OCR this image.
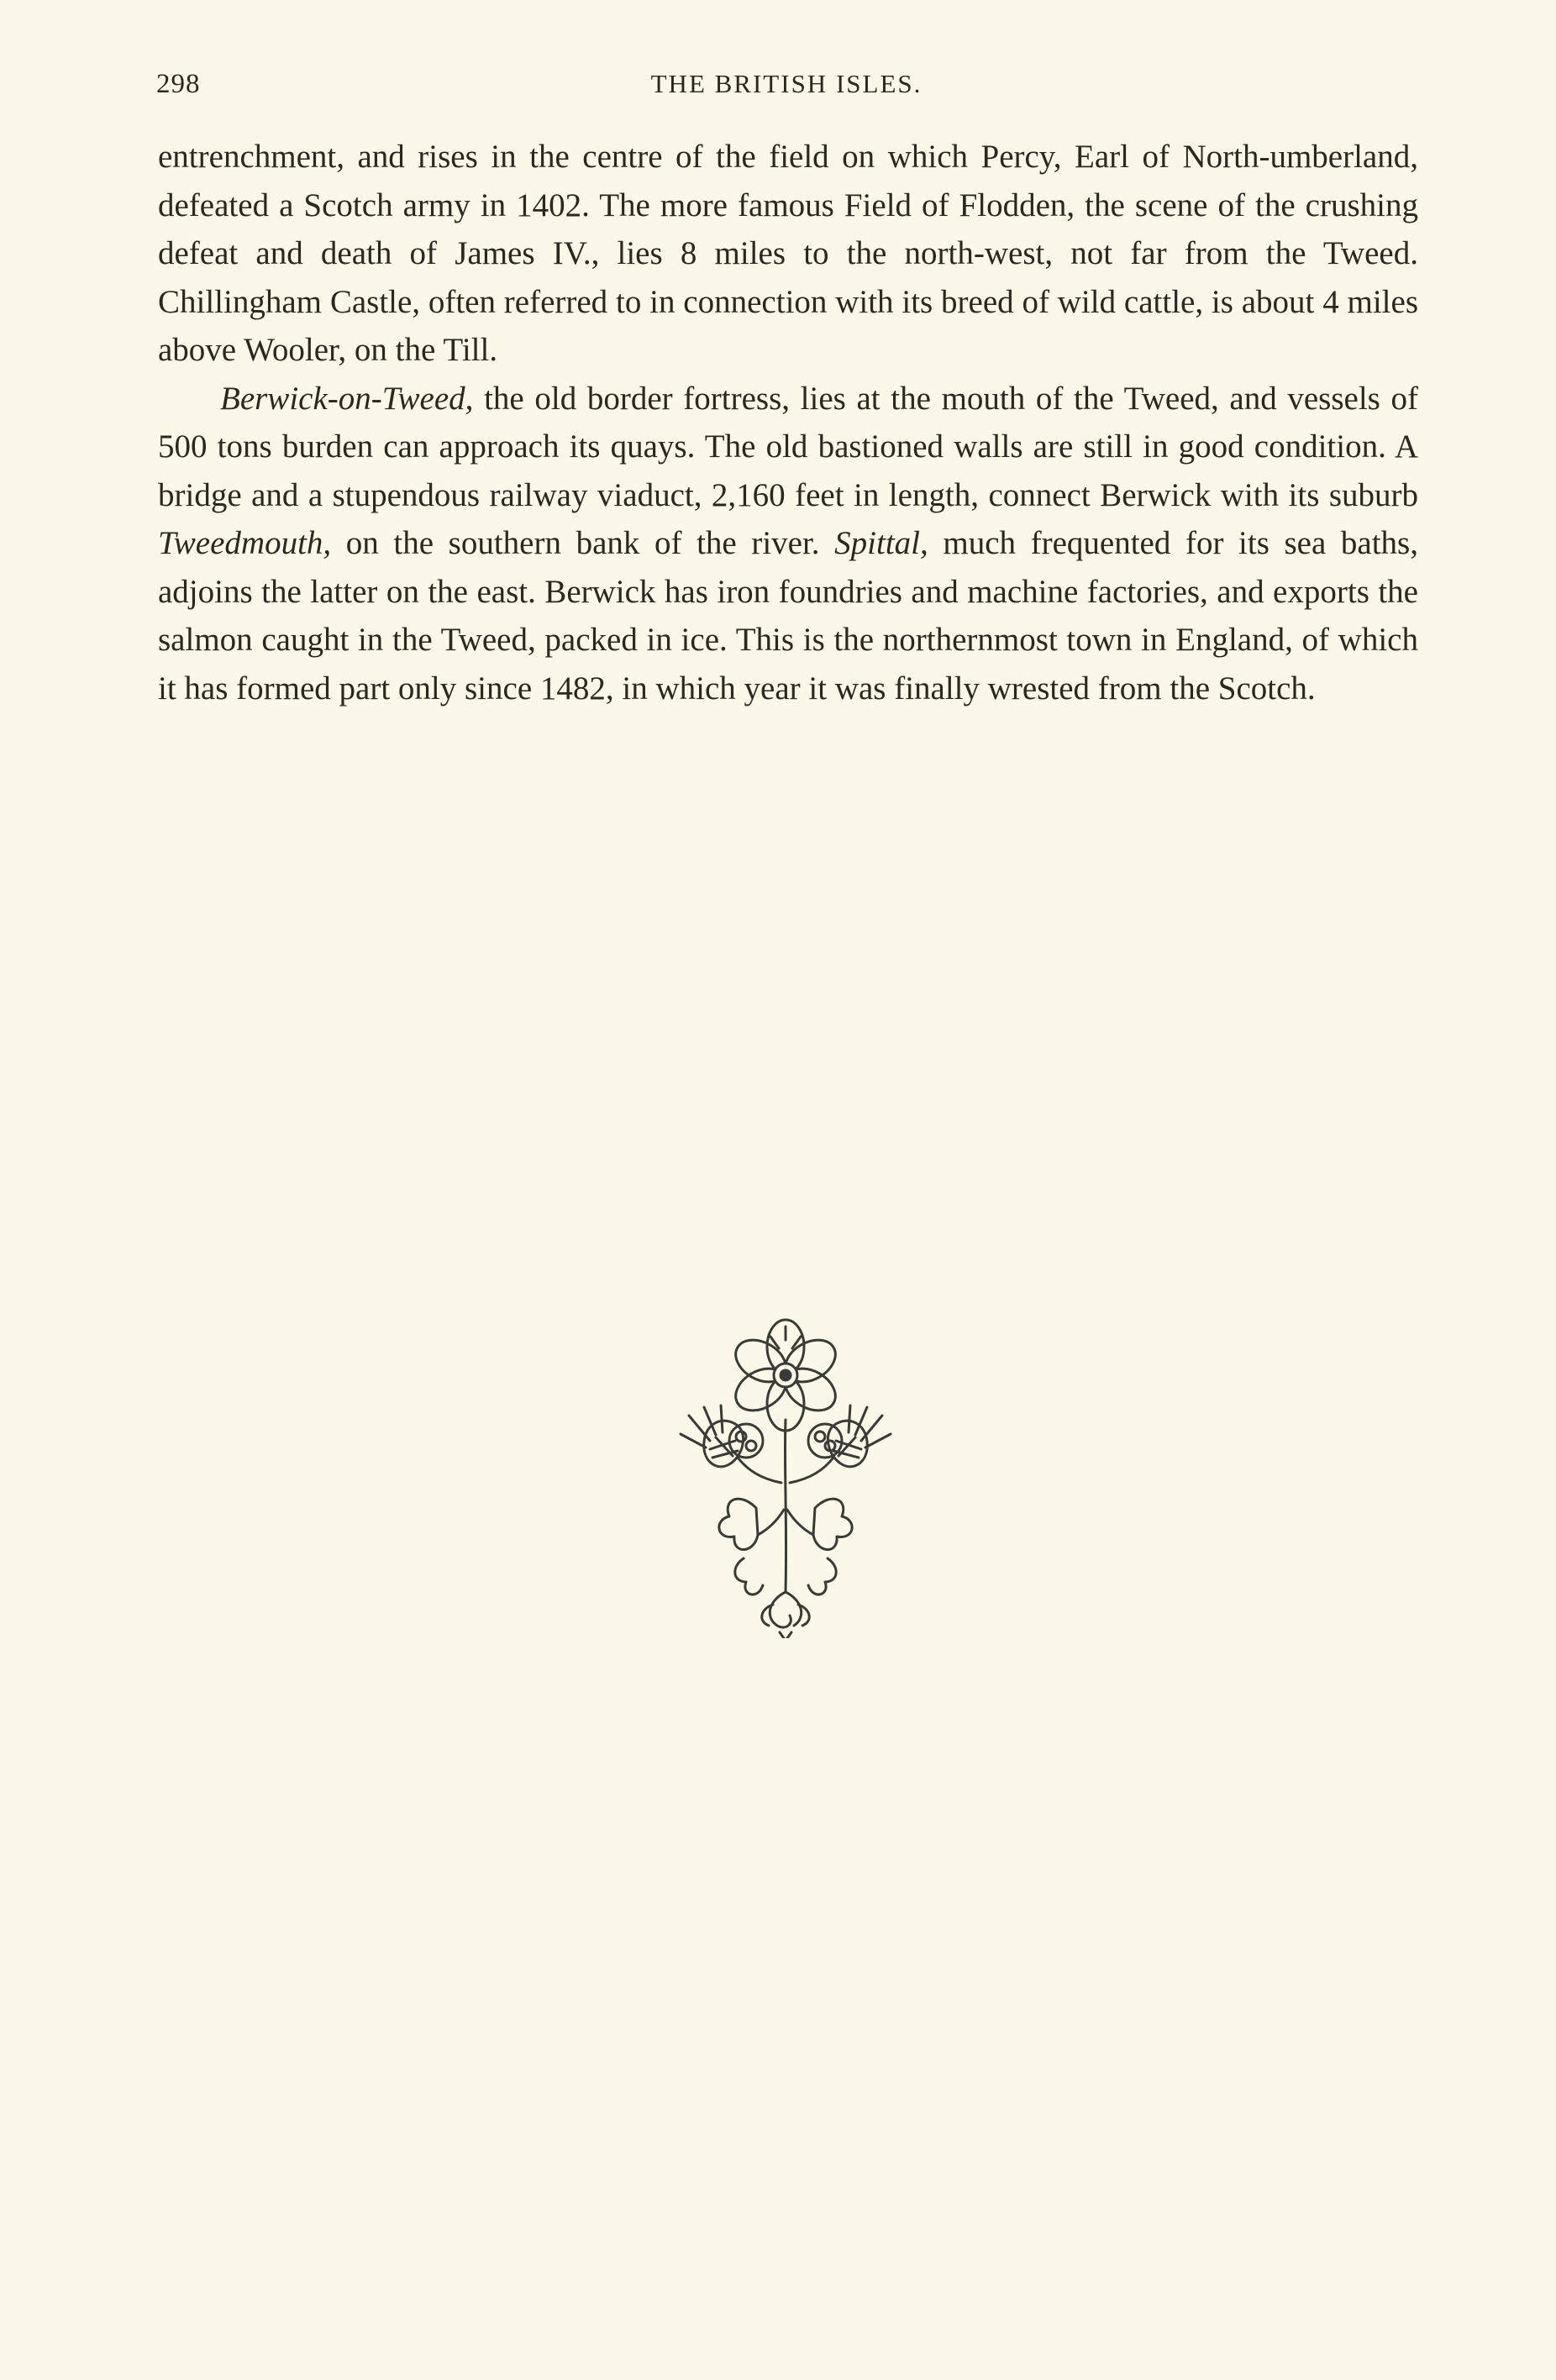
298	THE BRITISH ISLES.

entrenchment, and rises in the centre of the field on which Percy, Earl of North-umberland, defeated a Scotch army in 1402. The more famous Field of Flodden, the scene of the crushing defeat and death of James IV., lies 8 miles to the north-west, not far from the Tweed. Chillingham Castle, often referred to in connection with its breed of wild cattle, is about 4 miles above Wooler, on the Till.

Berwick-on-Tweed, the old border fortress, lies at the mouth of the Tweed, and vessels of 500 tons burden can approach its quays. The old bastioned walls are still in good condition. A bridge and a stupendous railway viaduct, 2,160 feet in length, connect Berwick with its suburb Tweedmouth, on the southern bank of the river. Spittal, much frequented for its sea baths, adjoins the latter on the east. Berwick has iron foundries and machine factories, and exports the salmon caught in the Tweed, packed in ice. This is the northernmost town in England, of which it has formed part only since 1482, in which year it was finally wrested from the Scotch.
